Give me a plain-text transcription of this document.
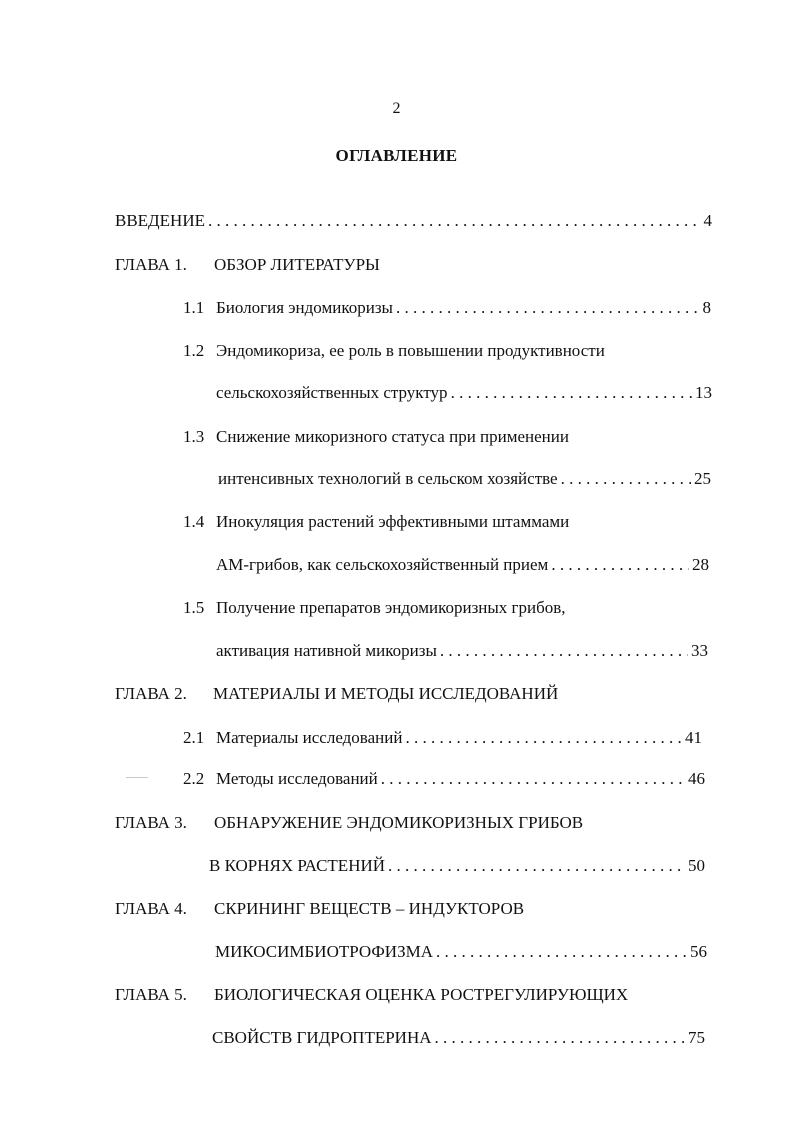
2
ОГЛАВЛЕНИЕ
ВВЕДЕНИЕ . . .	4
ГЛАВА 1.	ОБЗОР ЛИТЕРАТУРЫ
1.1 Биология эндомикоризы . . .	8
1.2 Эндомикориза, ее роль в повышении продуктивности
сельскохозяйственных структур . . .	13
1.3 Снижение микоризного статуса при применении
интенсивных технологий в сельском хозяйстве . . .	25
1.4 Инокуляция растений эффективными штаммами
АМ-грибов, как сельскохозяйственный прием . . .	28
1.5 Получение препаратов эндомикоризных грибов,
активация нативной микоризы . . .	33
ГЛАВА 2.	МАТЕРИАЛЫ И МЕТОДЫ ИССЛЕДОВАНИЙ
2.1 Материалы исследований . . .	41
2.2 Методы исследований . . .	46
ГЛАВА 3.	ОБНАРУЖЕНИЕ ЭНДОМИКОРИЗНЫХ ГРИБОВ
В КОРНЯХ РАСТЕНИЙ . . .	50
ГЛАВА 4.	СКРИНИНГ ВЕЩЕСТВ – ИНДУКТОРОВ
МИКОСИМБИОТРОФИЗМА . . .	56
ГЛАВА 5.	БИОЛОГИЧЕСКАЯ ОЦЕНКА РОСТРЕГУЛИРУЮЩИХ
СВОЙСТВ ГИДРОПТЕРИНА . . .	75
